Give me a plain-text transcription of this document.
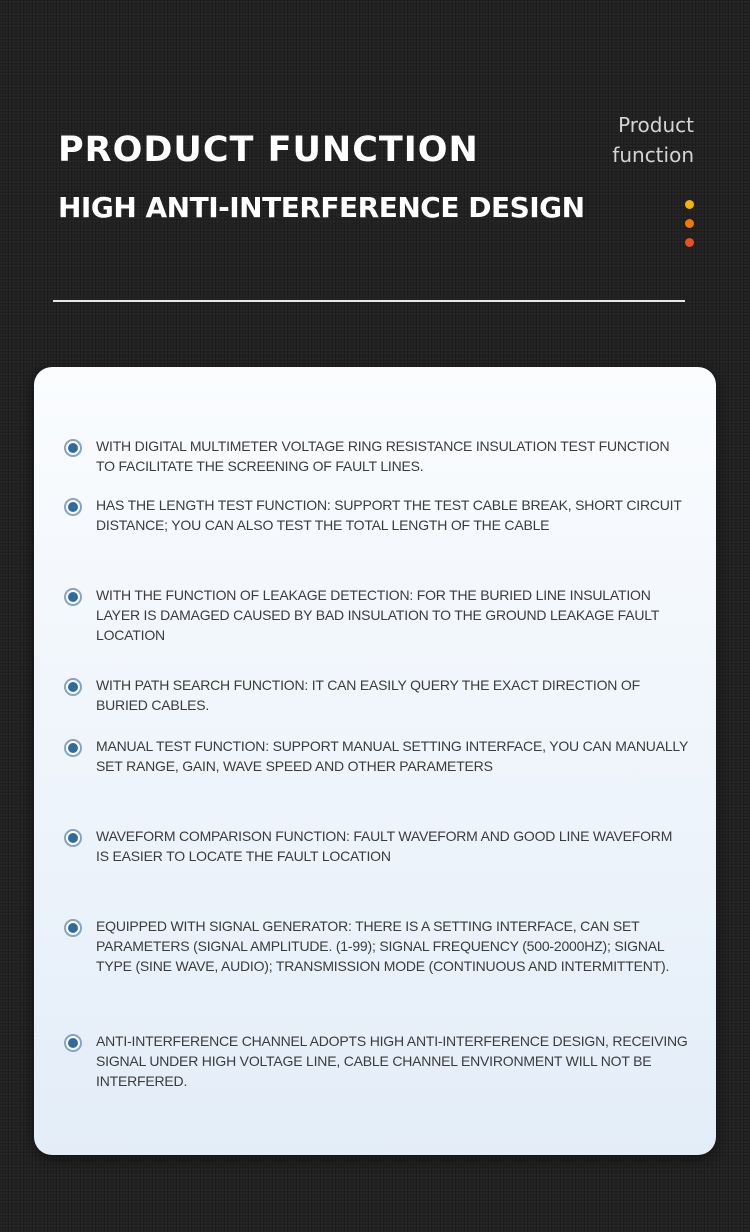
Product
function
PRODUCT FUNCTION
HIGH ANTI-INTERFERENCE DESIGN

WITH DIGITAL MULTIMETER VOLTAGE RING RESISTANCE INSULATION TEST FUNCTION TO FACILITATE THE SCREENING OF FAULT LINES.

HAS THE LENGTH TEST FUNCTION: SUPPORT THE TEST CABLE BREAK, SHORT CIRCUIT DISTANCE; YOU CAN ALSO TEST THE TOTAL LENGTH OF THE CABLE

WITH THE FUNCTION OF LEAKAGE DETECTION: FOR THE BURIED LINE INSULATION LAYER IS DAMAGED CAUSED BY BAD INSULATION TO THE GROUND LEAKAGE FAULT LOCATION

WITH PATH SEARCH FUNCTION: IT CAN EASILY QUERY THE EXACT DIRECTION OF BURIED CABLES.

MANUAL TEST FUNCTION: SUPPORT MANUAL SETTING INTERFACE, YOU CAN MANUALLY SET RANGE, GAIN, WAVE SPEED AND OTHER PARAMETERS

WAVEFORM COMPARISON FUNCTION: FAULT WAVEFORM AND GOOD LINE WAVEFORM IS EASIER TO LOCATE THE FAULT LOCATION

EQUIPPED WITH SIGNAL GENERATOR: THERE IS A SETTING INTERFACE, CAN SET PARAMETERS (SIGNAL AMPLITUDE. (1-99); SIGNAL FREQUENCY (500-2000HZ); SIGNAL TYPE (SINE WAVE, AUDIO); TRANSMISSION MODE (CONTINUOUS AND INTERMITTENT).

ANTI-INTERFERENCE CHANNEL ADOPTS HIGH ANTI-INTERFERENCE DESIGN, RECEIVING SIGNAL UNDER HIGH VOLTAGE LINE, CABLE CHANNEL ENVIRONMENT WILL NOT BE INTERFERED.
